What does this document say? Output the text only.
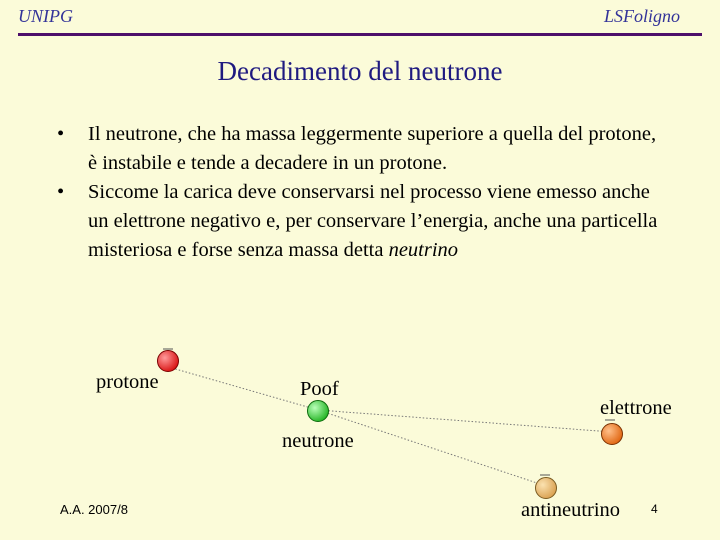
UNIPG	LSFoligno
Decadimento del neutrone
• Il neutrone, che ha massa leggermente superiore a quella del protone, è instabile e tende a decadere in un protone.
• Siccome la carica deve conservarsi nel processo viene emesso anche un elettrone negativo e, per conservare l’energia, anche una particella misteriosa e forse senza massa detta neutrino
protone	Poof
neutrone
elettrone
antineutrino
A.A. 2007/8	4
